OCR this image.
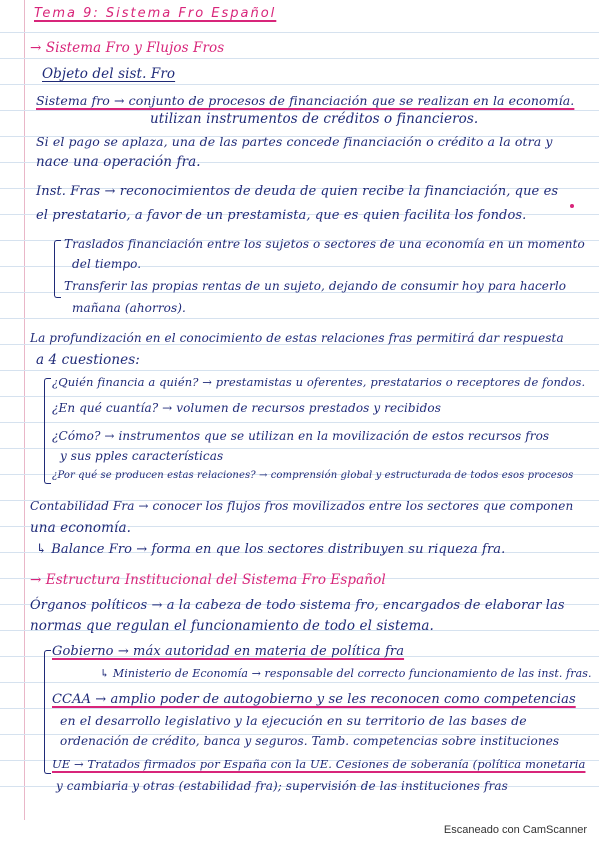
Tema 9: Sistema Fro Español
→ Sistema Fro y Flujos Fros
Objeto del sist. Fro
Sistema fro → conjunto de procesos de financiación que se realizan en la economía.
utilizan instrumentos de créditos o financieros.
Si el pago se aplaza, una de las partes concede financiación o crédito a la otra y
nace una operación fra.
Inst. Fras → reconocimientos de deuda de quien recibe la financiación, que es
el prestatario, a favor de un prestamista, que es quien facilita los fondos.
Traslados financiación entre los sujetos o sectores de una economía en un momento
del tiempo.
Transferir las propias rentas de un sujeto, dejando de consumir hoy para hacerlo
mañana (ahorros).
La profundización en el conocimiento de estas relaciones fras permitirá dar respuesta
a 4 cuestiones:
¿Quién financia a quién? → prestamistas u oferentes, prestatarios o receptores de fondos.
¿En qué cuantía? → volumen de recursos prestados y recibidos
¿Cómo? → instrumentos que se utilizan en la movilización de estos recursos fros
y sus pples características
¿Por qué se producen estas relaciones? → comprensión global y estructurada de todos esos procesos
Contabilidad Fra → conocer los flujos fros movilizados entre los sectores que componen
una economía.
↳ Balance Fro → forma en que los sectores distribuyen su riqueza fra.
→ Estructura Institucional del Sistema Fro Español
Órganos políticos → a la cabeza de todo sistema fro, encargados de elaborar las
normas que regulan el funcionamiento de todo el sistema.
Gobierno → máx autoridad en materia de política fra
↳ Ministerio de Economía → responsable del correcto funcionamiento de las inst. fras.
CCAA → amplio poder de autogobierno y se les reconocen como competencias
en el desarrollo legislativo y la ejecución en su territorio de las bases de
ordenación de crédito, banca y seguros. Tamb. competencias sobre instituciones
UE → Tratados firmados por España con la UE. Cesiones de soberanía (política monetaria
y cambiaria y otras (estabilidad fra); supervisión de las instituciones fras
Escaneado con CamScanner
